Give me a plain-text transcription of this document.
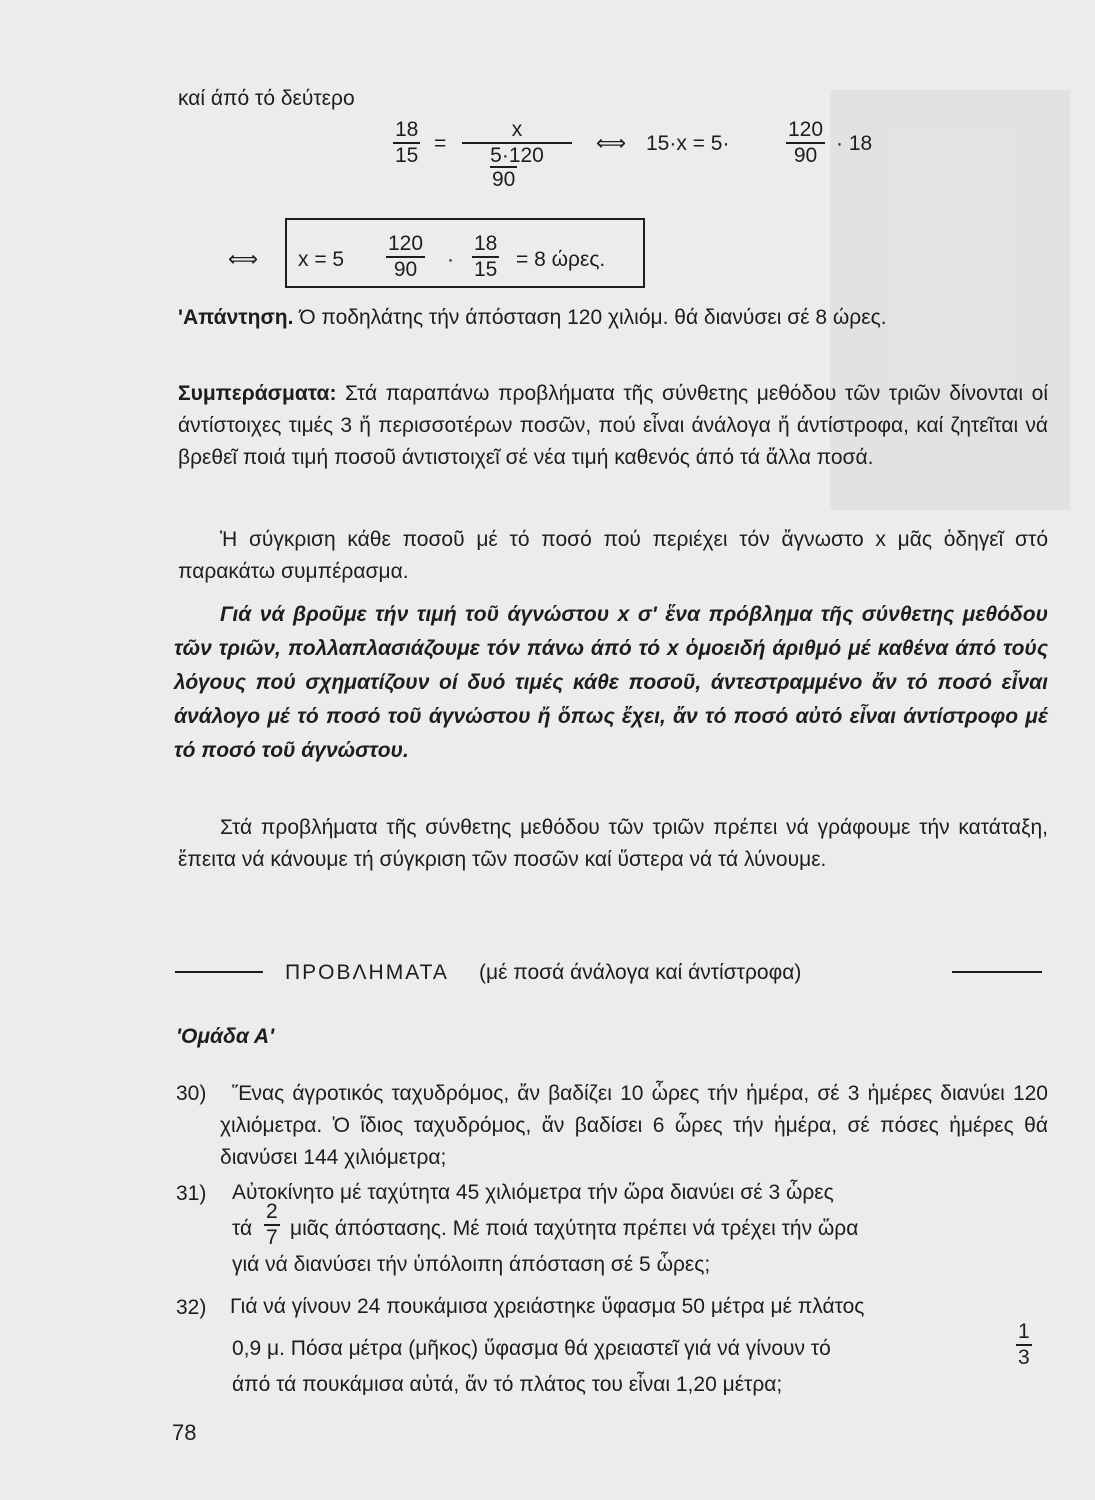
καί άπό τό δεύτερο
$\frac{18}{15} = \frac{x}{5\cdot 120}$
90
⟺ 15·x = 5·	$\frac{120}{90} \cdot 18$
⟺ $x = 5 \frac{120}{90} \cdot \frac{18}{15} = 8$ ώρες.
'Απάντηση. Ό ποδηλάτης τήν άπόσταση 120 χιλιόμ. θά διανύσει σέ 8 ώρες.
Συμπεράσματα: Στά παραπάνω προβλήματα τῆς σύνθετης μεθόδου τῶν τριῶν δίνονται οί άντίστοιχες τιμές 3 ἤ περισσοτέρων ποσῶν, πού εἶναι άνάλογα ἤ άντίστροφα, καί ζητεῖται νά βρεθεῖ ποιά τιμή ποσοῦ άντιστοιχεῖ σέ νέα τιμή καθενός άπό τά ἄλλα ποσά.
Ἡ σύγκριση κάθε ποσοῦ μέ τό ποσό πού περιέχει τόν ἄγνωστο x μᾶς ὁδηγεῖ στό παρακάτω συμπέρασμα.
Γιά νά βροῦμε τήν τιμή τοῦ άγνώστου x σ' ἕνα πρόβλημα τῆς σύνθετης μεθόδου τῶν τριῶν, πολλαπλασιάζουμε τόν πάνω άπό τό x ὁμοειδή άριθμό μέ καθένα άπό τούς λόγους πού σχηματίζουν οί δυό τιμές κάθε ποσοῦ, άντεστραμμένο ἄν τό ποσό εἶναι άνάλογο μέ τό ποσό τοῦ άγνώστου ἤ ὅπως ἔχει, ἄν τό ποσό αὐτό εἶναι άντίστροφο μέ τό ποσό τοῦ άγνώστου.
Στά προβλήματα τῆς σύνθετης μεθόδου τῶν τριῶν πρέπει νά γράφουμε τήν κατάταξη, ἔπειτα νά κάνουμε τή σύγκριση τῶν ποσῶν καί ὕστερα νά τά λύνουμε.
ΠΡΟΒΛΗΜΑΤΑ (μέ ποσά άνάλογα καί άντίστροφα)
'Ομάδα Α'
30)	Ἕνας άγροτικός ταχυδρόμος, ἄν βαδίζει 10 ὧρες τήν ἡμέρα, σέ 3 ἡμέρες διανύει 120 χιλιόμετρα. Ὁ ἴδιος ταχυδρόμος, ἄν βαδίσει 6 ὧρες τήν ἡμέρα, σέ πόσες ἡμέρες θά διανύσει 144 χιλιόμετρα;
31) Αὐτοκίνητο μέ ταχύτητα 45 χιλιόμετρα τήν ὥρα διανύει σέ 3 ὧρες
τά $\frac{2}{7}$ μιᾶς άπόστασης. Μέ ποιά ταχύτητα πρέπει νά τρέχει τήν ὥρα
γιά νά διανύσει τήν ὑπόλοιπη άπόσταση σέ 5 ὧρες;
32) Γιά νά γίνουν 24 πουκάμισα χρειάστηκε ὕφασμα 50 μέτρα μέ πλάτος
0,9 μ. Πόσα μέτρα (μῆκος) ὕφασμα θά χρειαστεῖ γιά νά γίνουν τό	$\frac{1}{3}$
άπό τά πουκάμισα αὐτά, ἄν τό πλάτος του εἶναι 1,20 μέτρα;
78
